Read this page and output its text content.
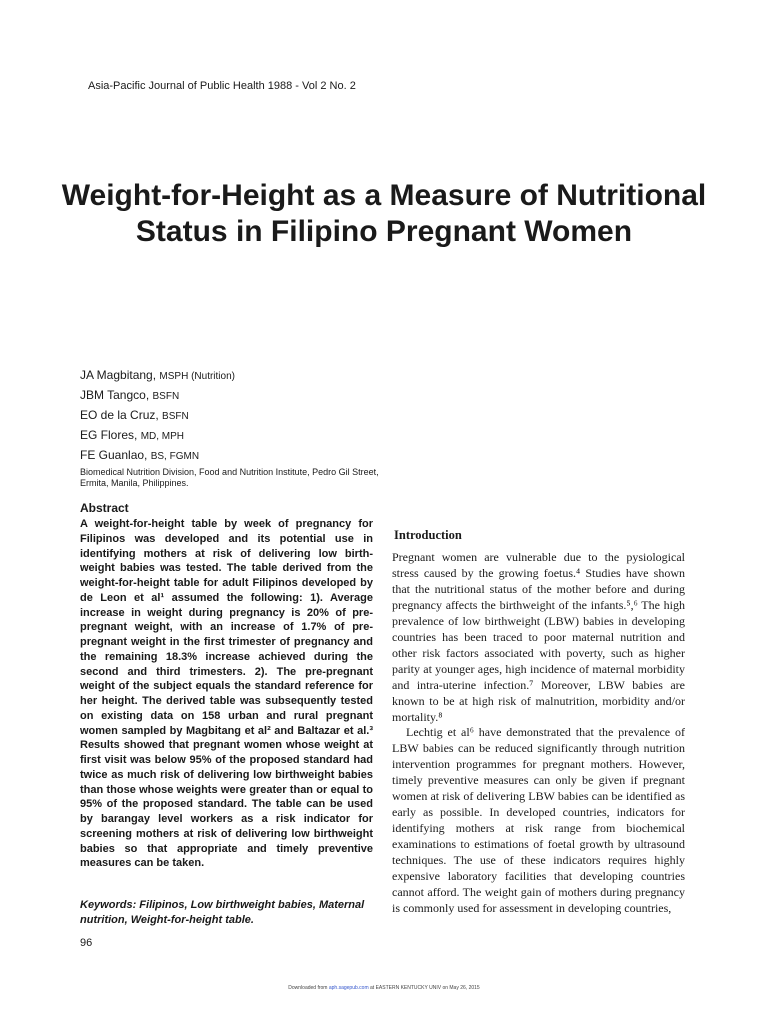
Asia-Pacific Journal of Public Health 1988 - Vol 2 No. 2
Weight-for-Height as a Measure of Nutritional Status in Filipino Pregnant Women
JA Magbitang, MSPH (Nutrition)
JBM Tangco, BSFN
EO de la Cruz, BSFN
EG Flores, MD, MPH
FE Guanlao, BS, FGMN
Biomedical Nutrition Division, Food and Nutrition Institute, Pedro Gil Street, Ermita, Manila, Philippines.
Abstract
A weight-for-height table by week of pregnancy for Filipinos was developed and its potential use in identifying mothers at risk of delivering low birth-weight babies was tested. The table derived from the weight-for-height table for adult Filipinos developed by de Leon et al¹ assumed the following: 1). Average increase in weight during pregnancy is 20% of pre-pregnant weight, with an increase of 1.7% of pre-pregnant weight in the first trimester of pregnancy and the remaining 18.3% increase achieved during the second and third trimesters. 2). The pre-pregnant weight of the subject equals the standard reference for her height. The derived table was subsequently tested on existing data on 158 urban and rural pregnant women sampled by Magbitang et al² and Baltazar et al.³ Results showed that pregnant women whose weight at first visit was below 95% of the proposed standard had twice as much risk of delivering low birthweight babies than those whose weights were greater than or equal to 95% of the proposed standard. The table can be used by barangay level workers as a risk indicator for screening mothers at risk of delivering low birthweight babies so that appropriate and timely preventive measures can be taken.
Keywords: Filipinos, Low birthweight babies, Maternal nutrition, Weight-for-height table.
96
Introduction

Pregnant women are vulnerable due to the pysiological stress caused by the growing foetus.⁴ Studies have shown that the nutritional status of the mother before and during pregnancy affects the birthweight of the infants.⁵,⁶ The high prevalence of low birthweight (LBW) babies in developing countries has been traced to poor maternal nutrition and other risk factors associated with poverty, such as higher parity at younger ages, high incidence of maternal morbidity and intra-uterine infection.⁷ Moreover, LBW babies are known to be at high risk of malnutrition, morbidity and/or mortality.⁸

Lechtig et al⁶ have demonstrated that the prevalence of LBW babies can be reduced significantly through nutrition intervention programmes for pregnant mothers. However, timely preventive measures can only be given if pregnant women at risk of delivering LBW babies can be identified as early as possible. In developed countries, indicators for identifying mothers at risk range from biochemical examinations to estimations of foetal growth by ultrasound techniques. The use of these indicators requires highly expensive laboratory facilities that developing countries cannot afford. The weight gain of mothers during pregnancy is commonly used for assessment in developing countries,

Downloaded from aph.sagepub.com at EASTERN KENTUCKY UNIV on May 26, 2015
